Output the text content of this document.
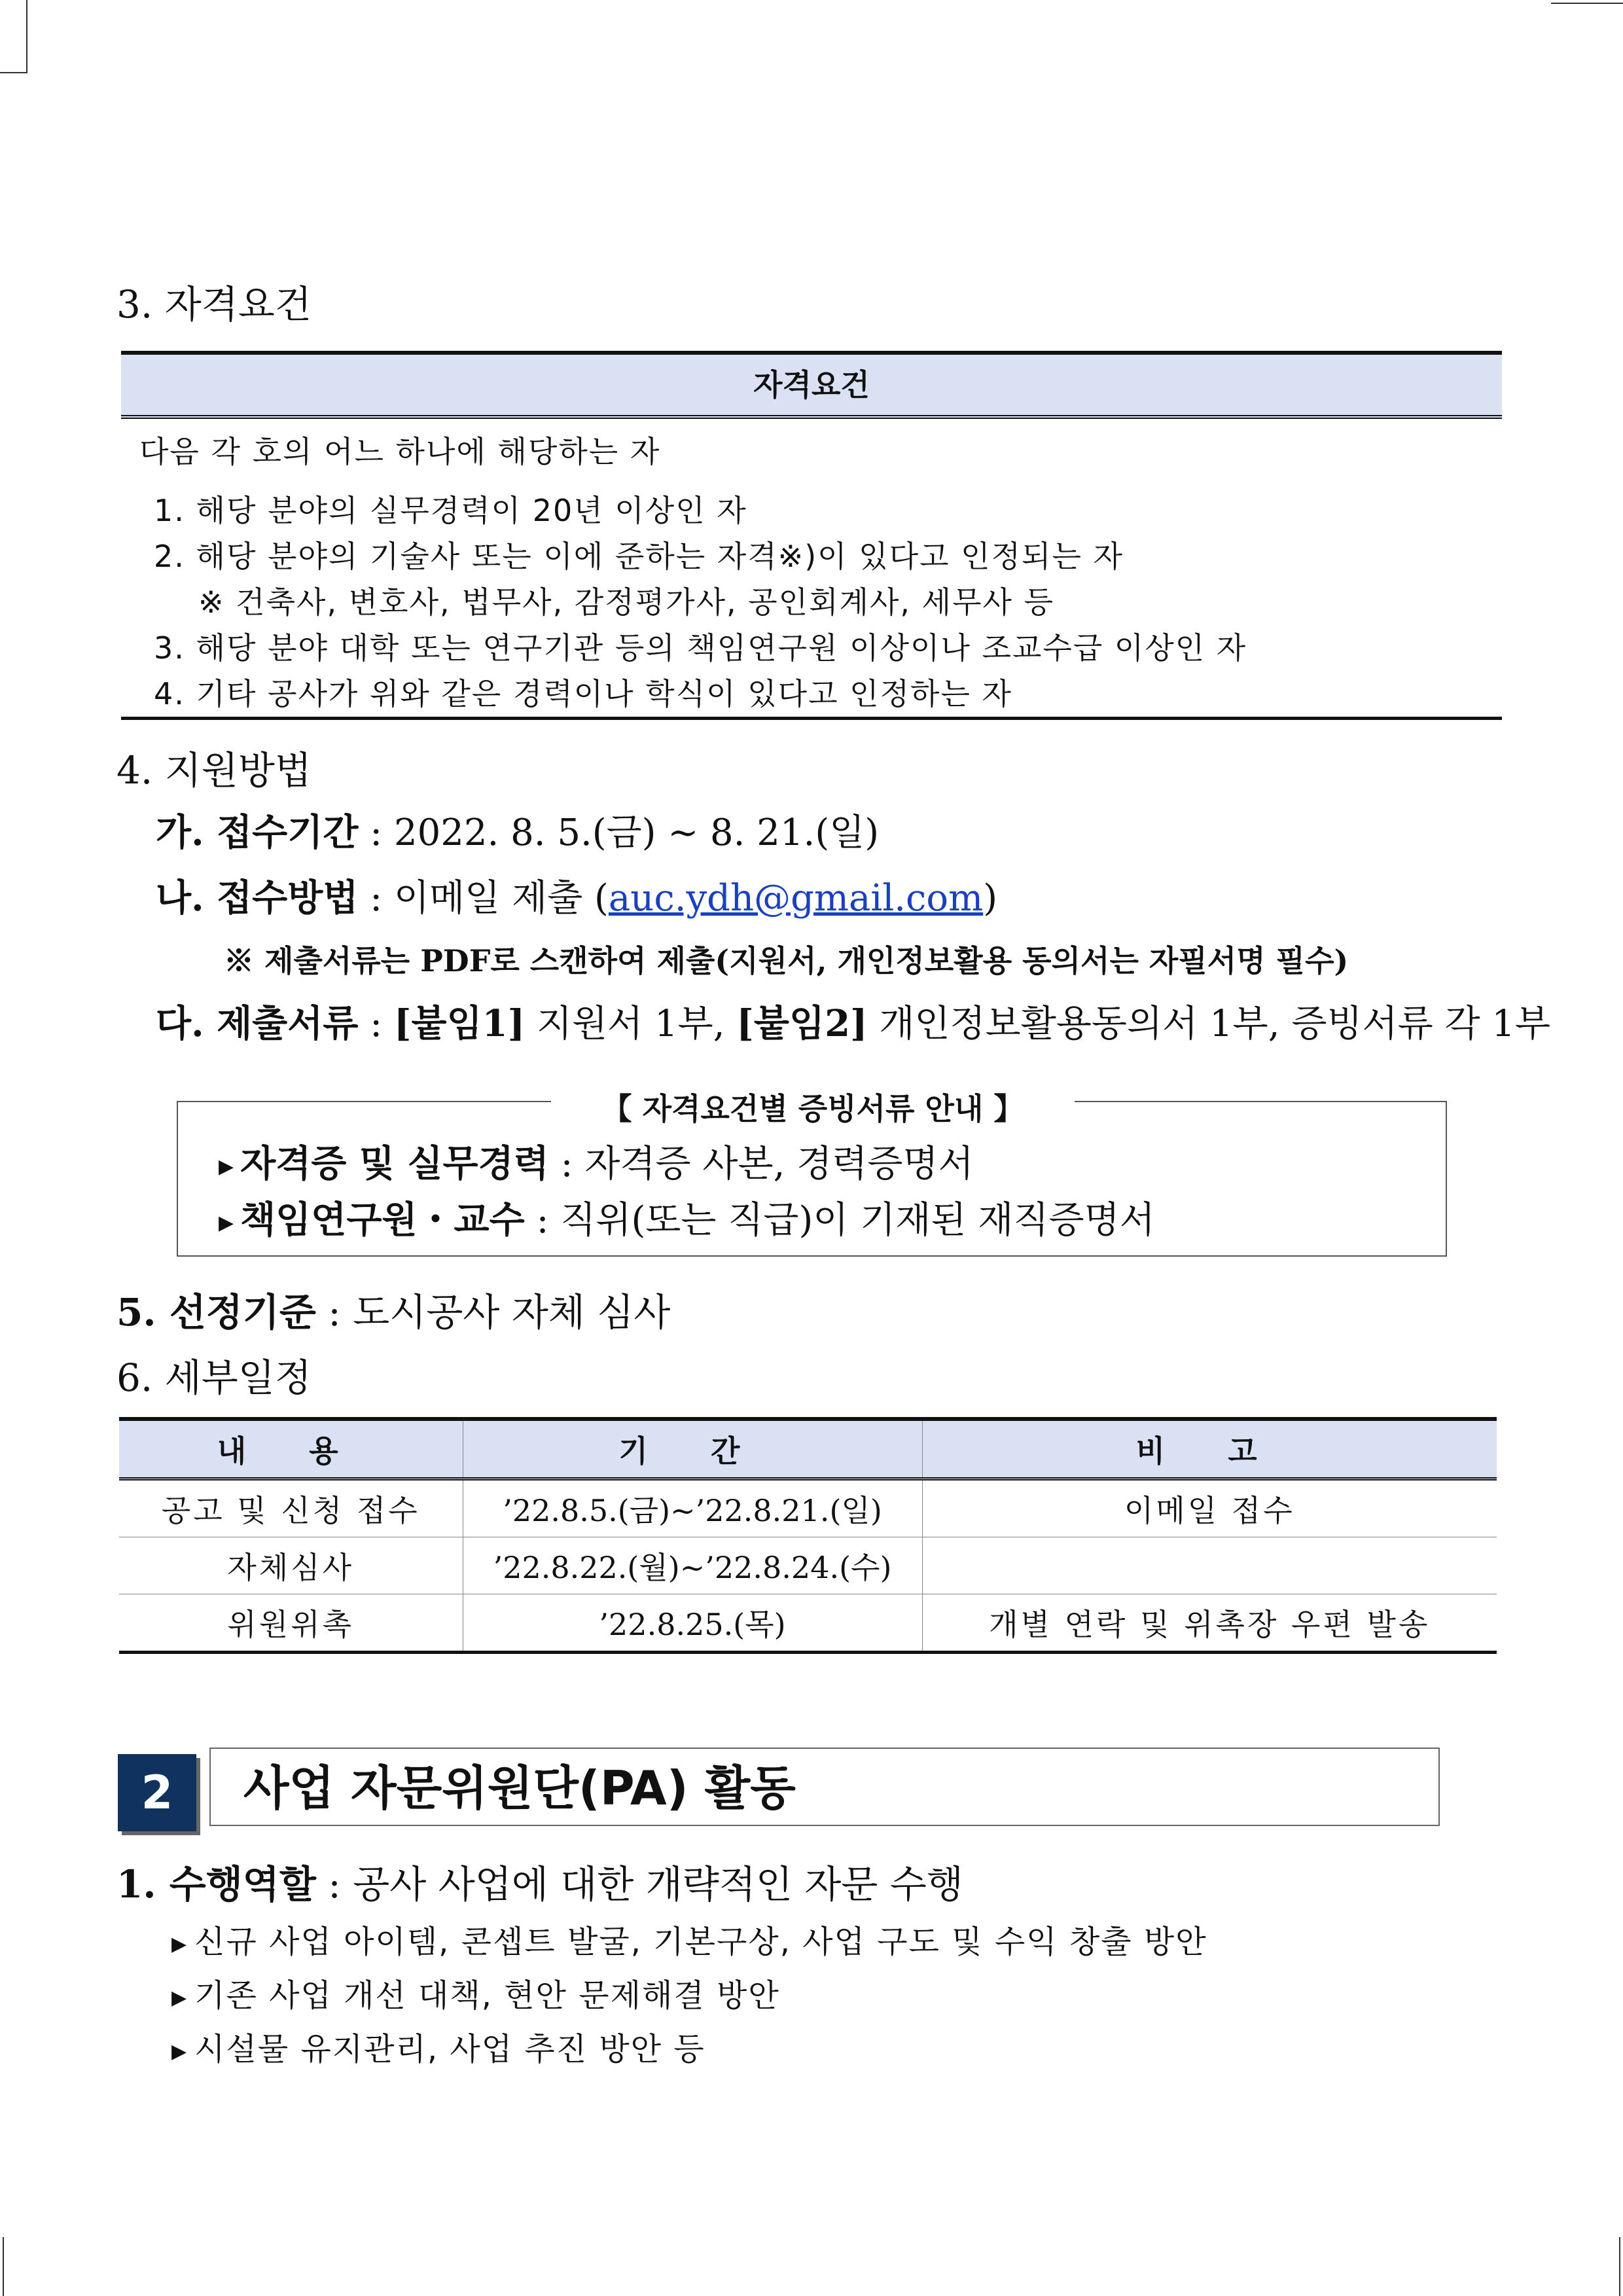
3. 자격요건
자격요건
다음 각 호의 어느 하나에 해당하는 자
1. 해당 분야의 실무경력이 20년 이상인 자
2. 해당 분야의 기술사 또는 이에 준하는 자격※)이 있다고 인정되는 자
※ 건축사, 변호사, 법무사, 감정평가사, 공인회계사, 세무사 등
3. 해당 분야 대학 또는 연구기관 등의 책임연구원 이상이나 조교수급 이상인 자
4. 기타 공사가 위와 같은 경력이나 학식이 있다고 인정하는 자
4. 지원방법
가. 접수기간 : 2022. 8. 5.(금) ~ 8. 21.(일)
나. 접수방법 : 이메일 제출 (auc.ydh@gmail.com)
※ 제출서류는 PDF로 스캔하여 제출(지원서, 개인정보활용 동의서는 자필서명 필수)
다. 제출서류 : [붙임1] 지원서 1부, [붙임2] 개인정보활용동의서 1부, 증빙서류 각 1부
【 자격요건별 증빙서류 안내 】
▶ 자격증 및 실무경력 : 자격증 사본, 경력증명서
▶ 책임연구원・교수 : 직위(또는 직급)이 기재된 재직증명서
5. 선정기준 : 도시공사 자체 심사
6. 세부일정
내 용	기 간	비 고
공고 및 신청 접수	’22.8.5.(금)~’22.8.21.(일)	이메일 접수
자체심사	’22.8.22.(월)~’22.8.24.(수)	
위원위촉	’22.8.25.(목)	개별 연락 및 위촉장 우편 발송
2	사업 자문위원단(PA) 활동
1. 수행역할 : 공사 사업에 대한 개략적인 자문 수행
▶ 신규 사업 아이템, 콘셉트 발굴, 기본구상, 사업 구도 및 수익 창출 방안
▶ 기존 사업 개선 대책, 현안 문제해결 방안
▶ 시설물 유지관리, 사업 추진 방안 등
